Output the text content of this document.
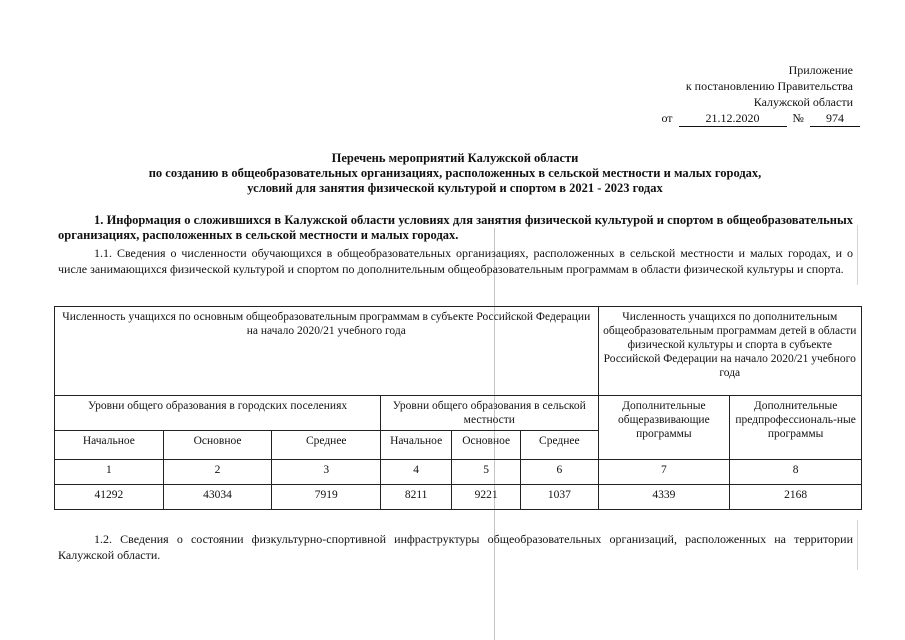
Приложение
к постановлению Правительства
Калужской области
от	21.12.2020	№	974
Перечень мероприятий Калужской области
по созданию в общеобразовательных организациях, расположенных в сельской местности и малых городах,
условий для занятия физической культурой и спортом в 2021 - 2023 годах
1. Информация о сложившихся в Калужской области условиях для занятия физической культурой и спортом в общеобразовательных организациях, расположенных в сельской местности и малых городах.
1.1. Сведения о численности обучающихся в общеобразовательных организациях, расположенных в сельской местности и малых городах, и о числе занимающихся физической культурой и спортом по дополнительным общеобразовательным программам в области физической культуры и спорта.
Численность учащихся по основным общеобразовательным программам в субъекте Российской Федерации на начало 2020/21 учебного года						Численность учащихся по дополнительным общеобразовательным программам детей в области физической культуры и спорта в субъекте Российской Федерации на начало 2020/21 учебного года	
Уровни общего образования в городских поселениях			Уровни общего образования в сельской местности			Дополнительные общеразвивающие программы	Дополнительные предпрофессиональ-ные программы
Начальное	Основное	Среднее	Начальное	Основное	Среднее		
1	2	3	4	5	6	7	8
41292	43034	7919	8211	9221	1037	4339	2168
1.2. Сведения о состоянии физкультурно-спортивной инфраструктуры общеобразовательных организаций, расположенных на территории Калужской области.
